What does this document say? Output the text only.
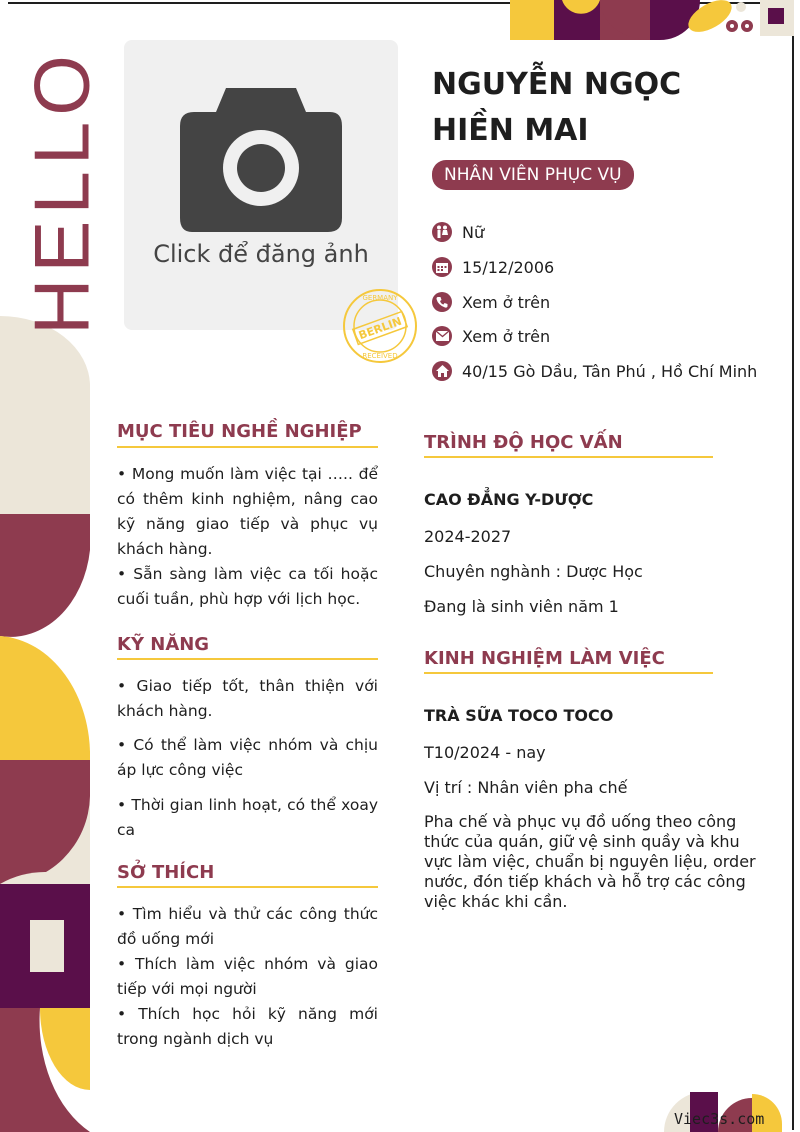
HELLO	Click để đăng ảnh
GERMANY
BERLIN
RECEIVED
NGUYỄN NGỌC HIỀN MAI
NHÂN VIÊN PHỤC VỤ
Nữ
15/12/2006
Xem ở trên
Xem ở trên
40/15 Gò Dầu, Tân Phú , Hồ Chí Minh
MỤC TIÊU NGHỀ NGHIỆP
• Mong muốn làm việc tại ….. để có thêm kinh nghiệm, nâng cao kỹ năng giao tiếp và phục vụ khách hàng.
• Sẵn sàng làm việc ca tối hoặc cuối tuần, phù hợp với lịch học.
KỸ NĂNG
• Giao tiếp tốt, thân thiện với khách hàng.
• Có thể làm việc nhóm và chịu áp lực công việc
• Thời gian linh hoạt, có thể xoay ca
SỞ THÍCH
• Tìm hiểu và thử các công thức đồ uống mới
• Thích làm việc nhóm và giao tiếp với mọi người
• Thích học hỏi kỹ năng mới trong ngành dịch vụ
TRÌNH ĐỘ HỌC VẤN
CAO ĐẲNG Y-DƯỢC
2024-2027
Chuyên nghành : Dược Học
Đang là sinh viên năm 1
KINH NGHIỆM LÀM VIỆC
TRÀ SỮA TOCO TOCO
T10/2024 - nay
Vị trí : Nhân viên pha chế
Pha chế và phục vụ đồ uống theo công thức của quán, giữ vệ sinh quầy và khu vực làm việc, chuẩn bị nguyên liệu, order nước, đón tiếp khách và hỗ trợ các công việc khác khi cần.
Viec3s.com
